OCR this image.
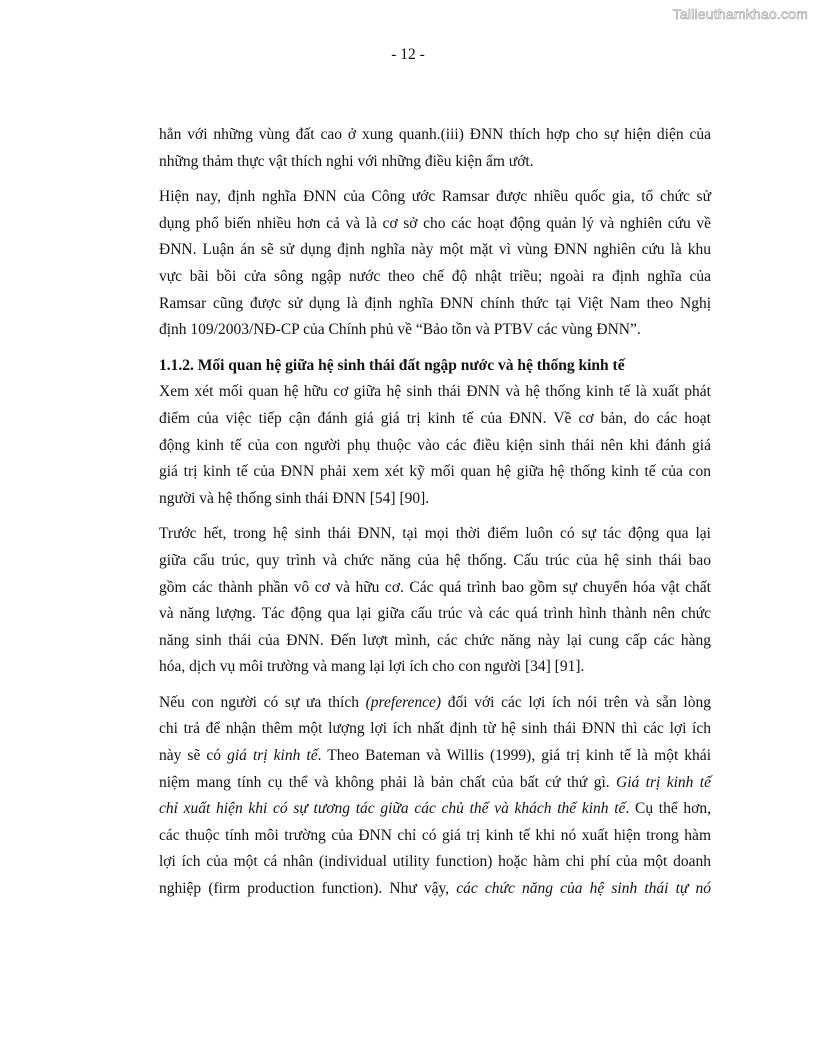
Tailieuthamkhao.com
- 12 -

hẳn với những vùng đất cao ở xung quanh.(iii) ĐNN thích hợp cho sự hiện diện của
những thảm thực vật thích nghi với những điều kiện ẩm ướt.

Hiện nay, định nghĩa ĐNN của Công ước Ramsar được nhiều quốc gia, tổ chức sử
dụng phổ biến nhiều hơn cả và là cơ sở cho các hoạt động quản lý và nghiên cứu về
ĐNN. Luận án sẽ sử dụng định nghĩa này một mặt vì vùng ĐNN nghiên cứu là khu
vực bãi bồi cửa sông ngập nước theo chế độ nhật triều; ngoài ra định nghĩa của
Ramsar cũng được sử dụng là định nghĩa ĐNN chính thức tại Việt Nam theo Nghị
định 109/2003/NĐ-CP của Chính phủ về “Bảo tồn và PTBV các vùng ĐNN”.

1.1.2. Mối quan hệ giữa hệ sinh thái đất ngập nước và hệ thống kinh tế

Xem xét mối quan hệ hữu cơ giữa hệ sinh thái ĐNN và hệ thống kinh tế là xuất phát
điểm của việc tiếp cận đánh giá giá trị kinh tế của ĐNN. Về cơ bản, do các hoạt
động kinh tế của con người phụ thuộc vào các điều kiện sinh thái nên khi đánh giá
giá trị kinh tế của ĐNN phải xem xét kỹ mối quan hệ giữa hệ thống kinh tế của con
người và hệ thống sinh thái ĐNN [54] [90].

Trước hết, trong hệ sinh thái ĐNN, tại mọi thời điểm luôn có sự tác động qua lại
giữa cấu trúc, quy trình và chức năng của hệ thống. Cấu trúc của hệ sinh thái bao
gồm các thành phần vô cơ và hữu cơ. Các quá trình bao gồm sự chuyển hóa vật chất
và năng lượng. Tác động qua lại giữa cấu trúc và các quá trình hình thành nên chức
năng sinh thái của ĐNN. Đến lượt mình, các chức năng này lại cung cấp các hàng
hóa, dịch vụ môi trường và mang lại lợi ích cho con người [34] [91].

Nếu con người có sự ưa thích (preference) đối với các lợi ích nói trên và sẵn lòng
chi trả để nhận thêm một lượng lợi ích nhất định từ hệ sinh thái ĐNN thì các lợi ích
này sẽ có giá trị kinh tế. Theo Bateman và Willis (1999), giá trị kinh tế là một khái
niệm mang tính cụ thể và không phải là bản chất của bất cứ thứ gì. Giá trị kinh tế
chỉ xuất hiện khi có sự tương tác giữa các chủ thể và khách thể kinh tế. Cụ thể hơn,
các thuộc tính môi trường của ĐNN chỉ có giá trị kinh tế khi nó xuất hiện trong hàm
lợi ích của một cá nhân (individual utility function) hoặc hàm chi phí của một doanh
nghiệp (firm production function). Như vậy, các chức năng của hệ sinh thái tự nó
